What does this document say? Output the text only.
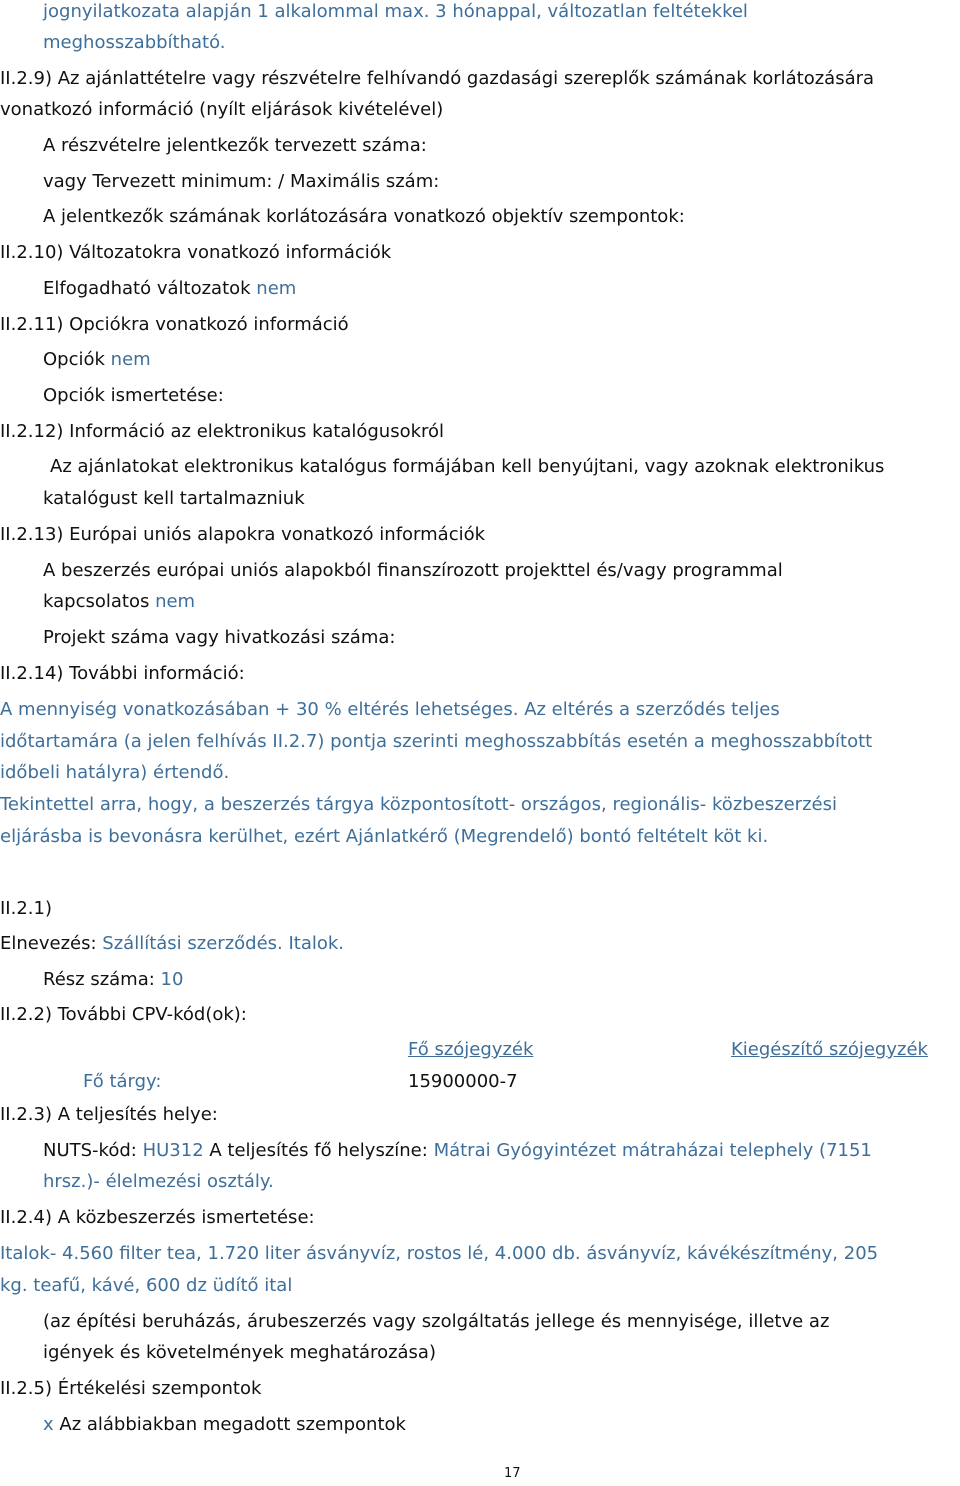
jognyilatkozata alapján 1 alkalommal max. 3 hónappal, változatlan feltétekkel
meghosszabbítható.
II.2.9) Az ajánlattételre vagy részvételre felhívandó gazdasági szereplők számának korlátozására
vonatkozó információ (nyílt eljárások kivételével)
A részvételre jelentkezők tervezett száma:
vagy Tervezett minimum: / Maximális szám:
A jelentkezők számának korlátozására vonatkozó objektív szempontok:
II.2.10) Változatokra vonatkozó információk
Elfogadható változatok nem
II.2.11) Opciókra vonatkozó információ
Opciók nem
Opciók ismertetése:
II.2.12) Információ az elektronikus katalógusokról
Az ajánlatokat elektronikus katalógus formájában kell benyújtani, vagy azoknak elektronikus
katalógust kell tartalmazniuk
II.2.13) Európai uniós alapokra vonatkozó információk
A beszerzés európai uniós alapokból finanszírozott projekttel és/vagy programmal
kapcsolatos nem
Projekt száma vagy hivatkozási száma:
II.2.14) További információ:
A mennyiség vonatkozásában + 30 % eltérés lehetséges. Az eltérés a szerződés teljes
időtartamára (a jelen felhívás II.2.7) pontja szerinti meghosszabbítás esetén a meghosszabbított
időbeli hatályra) értendő.
Tekintettel arra, hogy, a beszerzés tárgya központosított- országos, regionális- közbeszerzési
eljárásba is bevonásra kerülhet, ezért Ajánlatkérő (Megrendelő) bontó feltételt köt ki.
II.2.1)
Elnevezés: Szállítási szerződés. Italok.
Rész száma: 10
II.2.2) További CPV-kód(ok):
Fő szójegyzék	Kiegészítő szójegyzék
Fő tárgy:	15900000-7
II.2.3) A teljesítés helye:
NUTS-kód: HU312 A teljesítés fő helyszíne: Mátrai Gyógyintézet mátraházai telephely (7151
hrsz.)- élelmezési osztály.
II.2.4) A közbeszerzés ismertetése:
Italok- 4.560 filter tea, 1.720 liter ásványvíz, rostos lé, 4.000 db. ásványvíz, kávékészítmény, 205
kg. teafű, kávé, 600 dz üdítő ital
(az építési beruházás, árubeszerzés vagy szolgáltatás jellege és mennyisége, illetve az
igények és követelmények meghatározása)
II.2.5) Értékelési szempontok
x Az alábbiakban megadott szempontok
17
